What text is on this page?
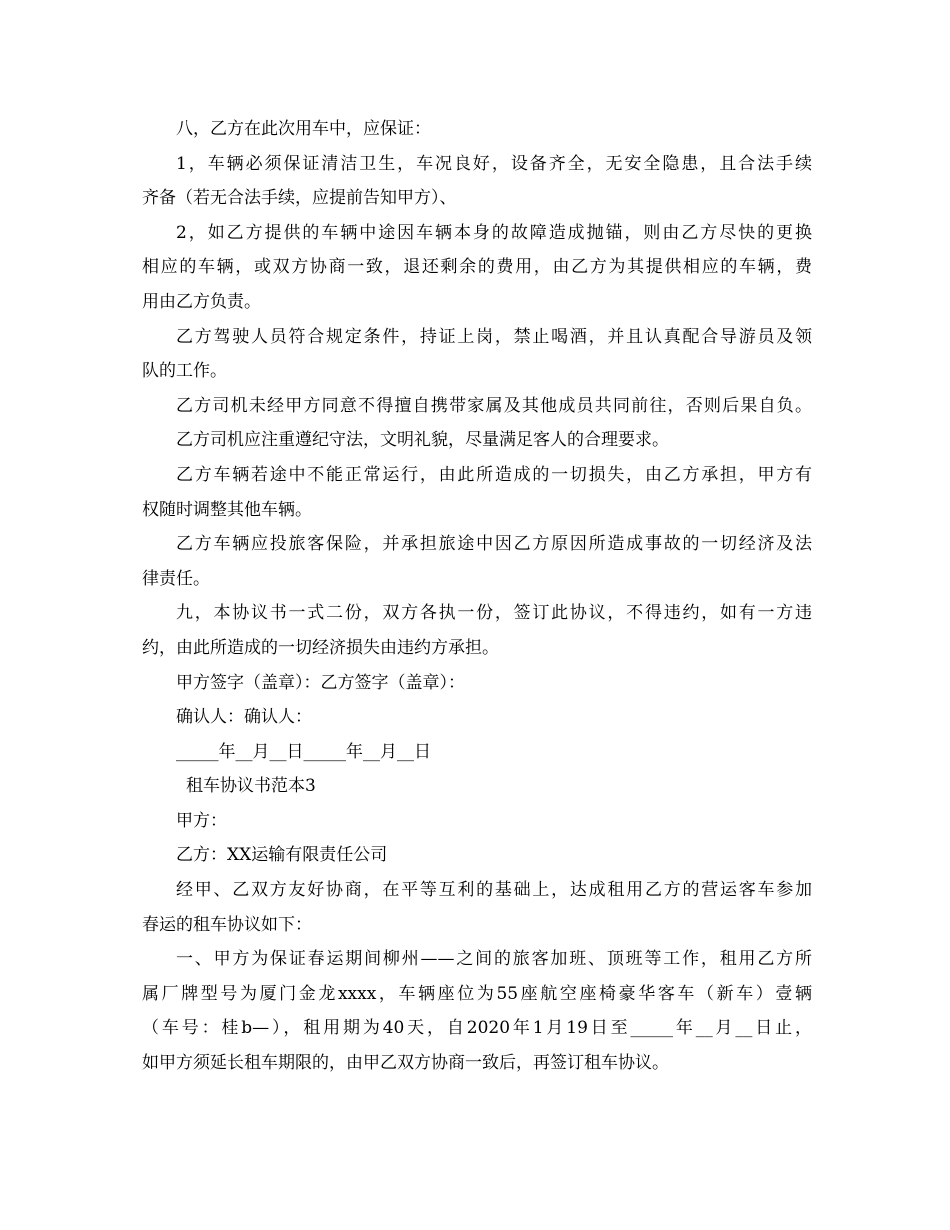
八，乙方在此次用车中，应保证：
1，车辆必须保证清洁卫生，车况良好，设备齐全，无安全隐患，且合法手续
齐备（若无合法手续，应提前告知甲方）、
2，如乙方提供的车辆中途因车辆本身的故障造成抛锚，则由乙方尽快的更换
相应的车辆，或双方协商一致，退还剩余的费用，由乙方为其提供相应的车辆，费
用由乙方负责。
乙方驾驶人员符合规定条件，持证上岗，禁止喝酒，并且认真配合导游员及领
队的工作。
乙方司机未经甲方同意不得擅自携带家属及其他成员共同前往，否则后果自负。
乙方司机应注重遵纪守法，文明礼貌，尽量满足客人的合理要求。
乙方车辆若途中不能正常运行，由此所造成的一切损失，由乙方承担，甲方有
权随时调整其他车辆。
乙方车辆应投旅客保险，并承担旅途中因乙方原因所造成事故的一切经济及法
律责任。
九，本协议书一式二份，双方各执一份，签订此协议，不得违约，如有一方违
约，由此所造成的一切经济损失由违约方承担。
甲方签字（盖章）：乙方签字（盖章）：
确认人：确认人：
_____年__月__日_____年__月__日
租车协议书范本3
甲方：
乙方：XX运输有限责任公司
经甲、乙双方友好协商，在平等互利的基础上，达成租用乙方的营运客车参加
春运的租车协议如下：
一、甲方为保证春运期间柳州——之间的旅客加班、顶班等工作，租用乙方所
属厂牌型号为厦门金龙xxxx，车辆座位为55座航空座椅豪华客车（新车）壹辆
（车号：桂b—），租用期为40天，自2020年1月19日至_____年__月__日止，
如甲方须延长租车期限的，由甲乙双方协商一致后，再签订租车协议。
